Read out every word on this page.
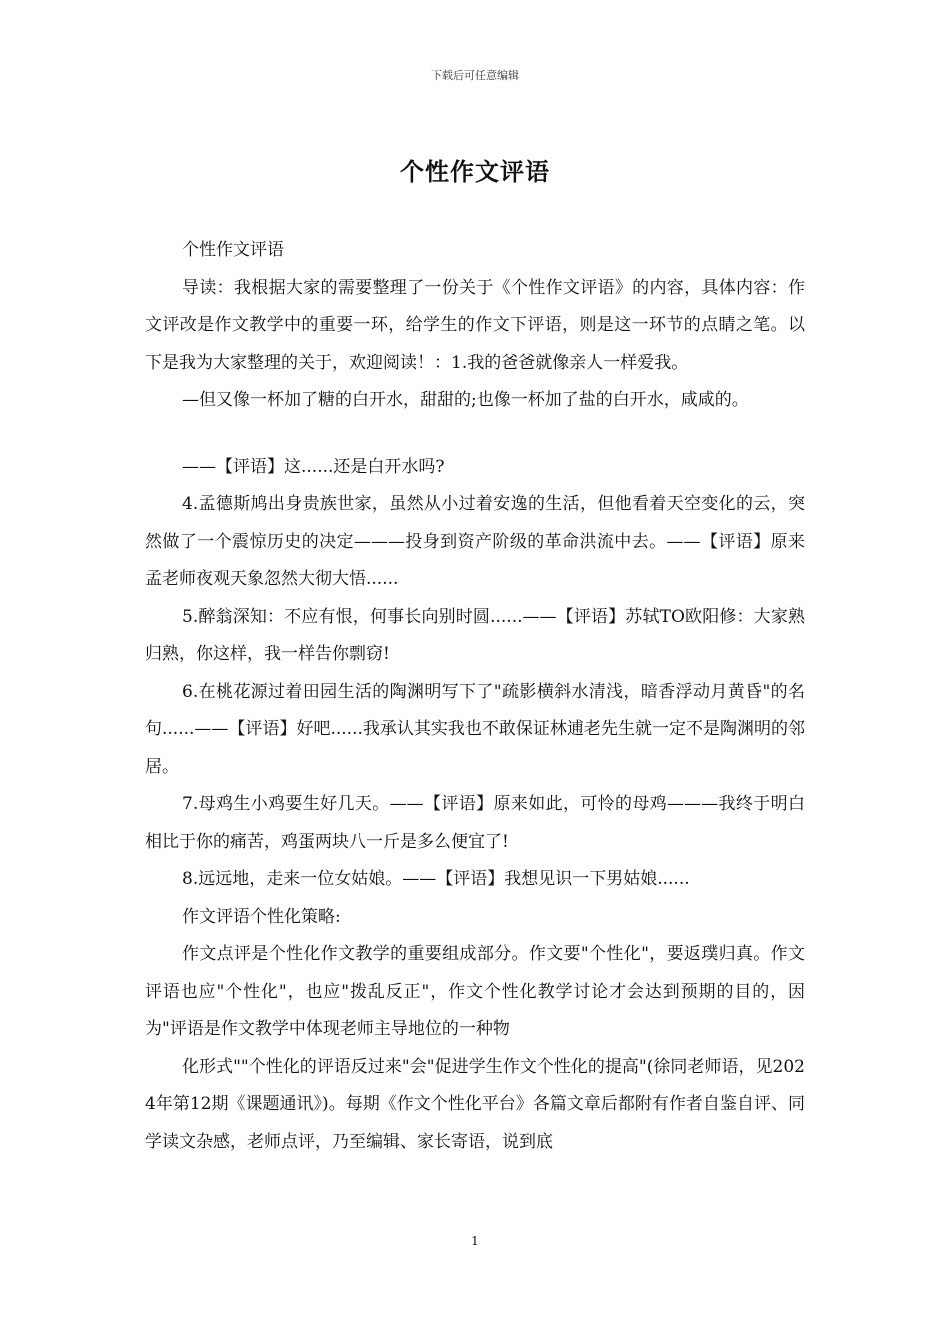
下载后可任意编辑
个性作文评语

个性作文评语

导读：我根据大家的需要整理了一份关于《个性作文评语》的内容，具体内容：作文评改是作文教学中的重要一环，给学生的作文下评语，则是这一环节的点睛之笔。以下是我为大家整理的关于，欢迎阅读！：1.我的爸爸就像亲人一样爱我。

—但又像一杯加了糖的白开水，甜甜的;也像一杯加了盐的白开水，咸咸的。

——【评语】这......还是白开水吗?

4.孟德斯鸠出身贵族世家，虽然从小过着安逸的生活，但他看着天空变化的云，突然做了一个震惊历史的决定———投身到资产阶级的革命洪流中去。——【评语】原来孟老师夜观天象忽然大彻大悟......

5.醉翁深知：不应有恨，何事长向别时圆......——【评语】苏轼TO欧阳修：大家熟归熟，你这样，我一样告你剽窃!

6.在桃花源过着田园生活的陶渊明写下了"疏影横斜水清浅，暗香浮动月黄昏"的名句......——【评语】好吧......我承认其实我也不敢保证林逋老先生就一定不是陶渊明的邻居。

7.母鸡生小鸡要生好几天。——【评语】原来如此，可怜的母鸡———我终于明白相比于你的痛苦，鸡蛋两块八一斤是多么便宜了!

8.远远地，走来一位女姑娘。——【评语】我想见识一下男姑娘......

作文评语个性化策略:

作文点评是个性化作文教学的重要组成部分。作文要"个性化"，要返璞归真。作文评语也应"个性化"，也应"拨乱反正"，作文个性化教学讨论才会达到预期的目的，因为"评语是作文教学中体现老师主导地位的一种物

化形式""个性化的评语反过来"会"促进学生作文个性化的提高"(徐同老师语，见2024年第12期《课题通讯》)。每期《作文个性化平台》各篇文章后都附有作者自鉴自评、同学读文杂感，老师点评，乃至编辑、家长寄语，说到底

1
